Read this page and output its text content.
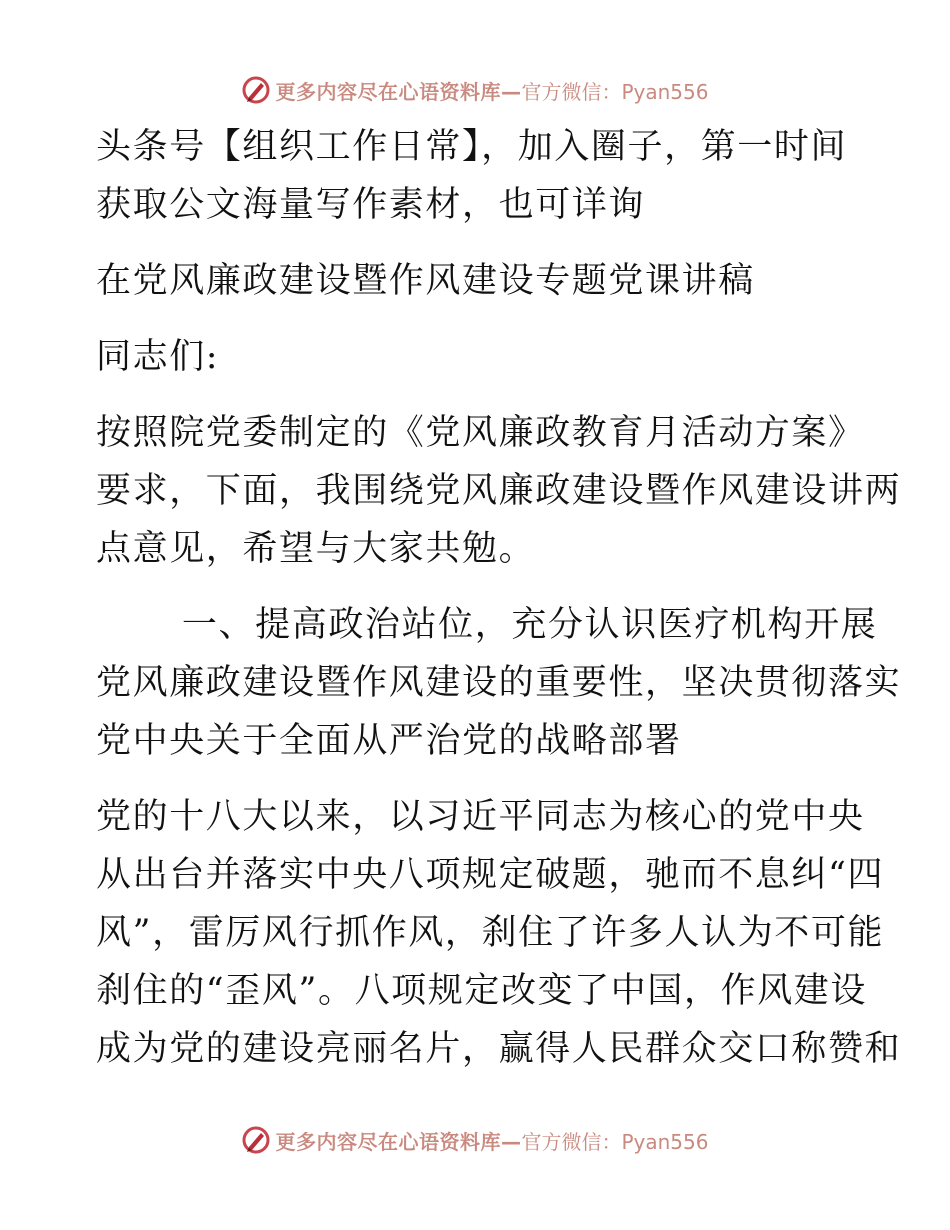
更多内容尽在心语资料库— 官方微信：Pyan556

头条号【组织工作日常】，加入圈子，第一时间
获取公文海量写作素材，也可详询

在党风廉政建设暨作风建设专题党课讲稿

同志们:

按照院党委制定的《党风廉政教育月活动方案》
要求，下面，我围绕党风廉政建设暨作风建设讲两
点意见，希望与大家共勉。

　　 一、提高政治站位，充分认识医疗机构开展
党风廉政建设暨作风建设的重要性，坚决贯彻落实
党中央关于全面从严治党的战略部署

党的十八大以来，以习近平同志为核心的党中央
从出台并落实中央八项规定破题，驰而不息纠“四
风”，雷厉风行抓作风，刹住了许多人认为不可能
刹住的“歪风”。八项规定改变了中国，作风建设
成为党的建设亮丽名片，赢得人民群众交口称赞和

更多内容尽在心语资料库— 官方微信：Pyan556
